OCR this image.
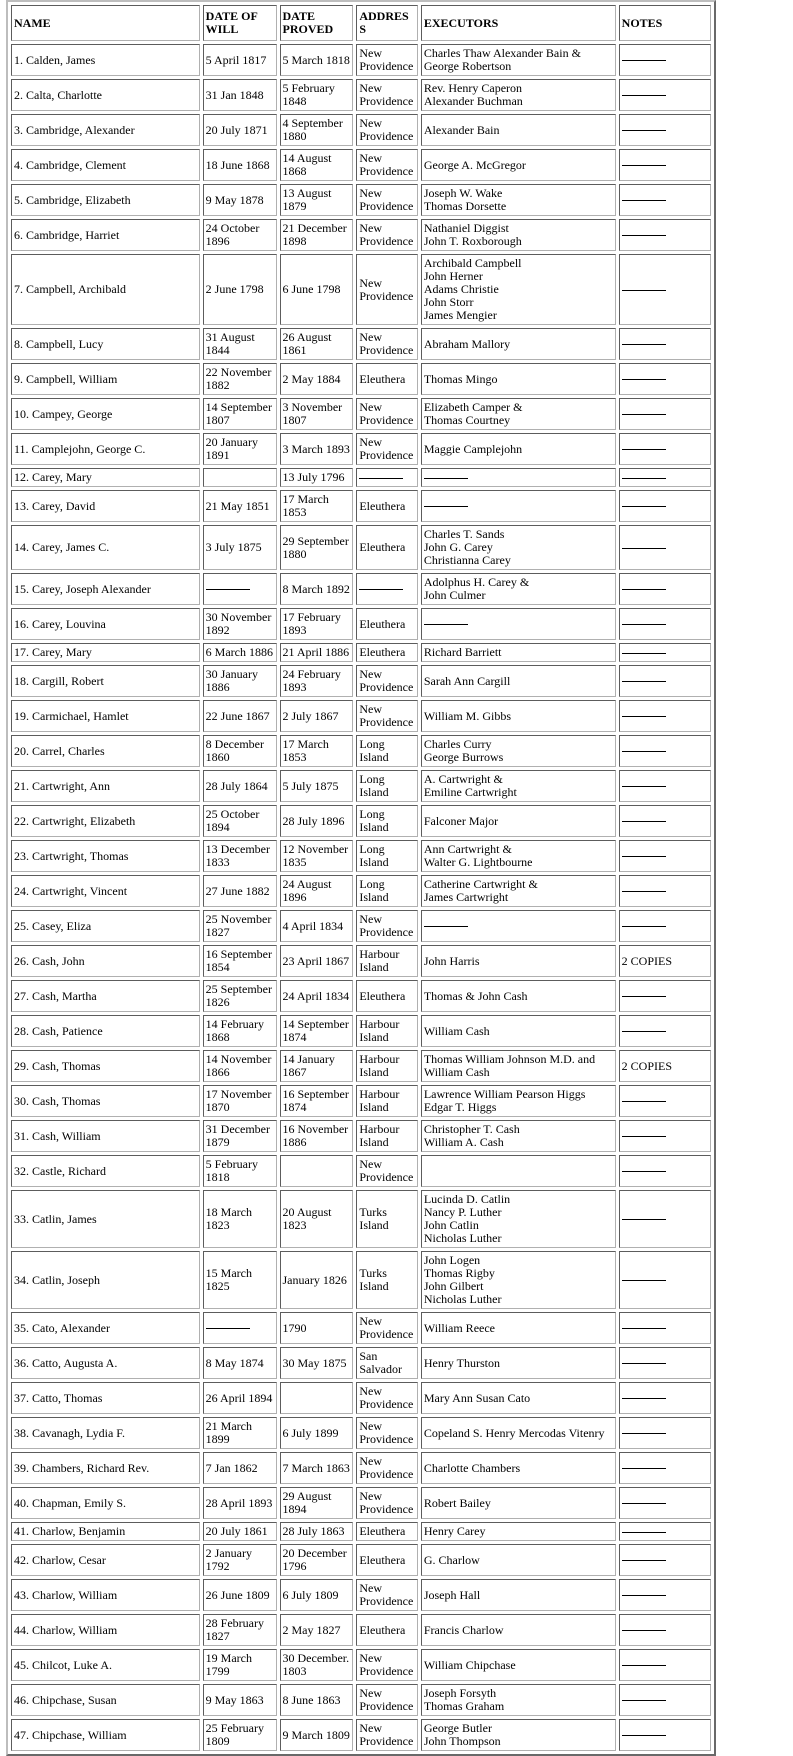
NAME	DATE OF WILL	DATE PROVED	ADDRESS	EXECUTORS	NOTES
1. Calden, James	5 April 1817	5 March 1818	New Providence	Charles Thaw Alexander Bain & George Robertson	

2. Calta, Charlotte	31 Jan 1848	5 February 1848	New Providence	Rev. Henry Caperon
Alexander Buchman	

3. Cambridge, Alexander	20 July 1871	4 September 1880	New Providence	Alexander Bain	

4. Cambridge, Clement	18 June 1868	14 August 1868	New Providence	George A. McGregor	

5. Cambridge, Elizabeth	9 May 1878	13 August 1879	New Providence	Joseph W. Wake
Thomas Dorsette	

6. Cambridge, Harriet	24 October 1896	21 December 1898	New Providence	Nathaniel Diggist
John T. Roxborough	

7. Campbell, Archibald	2 June 1798	6 June 1798	New Providence	Archibald Campbell
John Herner
Adams Christie
John Storr
James Mengier	

8. Campbell, Lucy	31 August 1844	26 August 1861	New Providence	Abraham Mallory	

9. Campbell, William	22 November 1882	2 May 1884	Eleuthera	Thomas Mingo	

10. Campey, George	14 September 1807	3 November 1807	New Providence	Elizabeth Camper &
Thomas Courtney	

11. Camplejohn, George C.	20 January 1891	3 March 1893	New Providence	Maggie Camplejohn	

12. Carey, Mary		13 July 1796			
13. Carey, David	21 May 1851	17 March 1853	Eleuthera		
14. Carey, James C.	3 July 1875	29 September 1880	Eleuthera	Charles T. Sands
John G. Carey
Christianna Carey	

15. Carey, Joseph Alexander		8 March 1892		Adolphus H. Carey &
John Culmer	

16. Carey, Louvina	30 November 1892	17 February 1893	Eleuthera		
17. Carey, Mary	6 March 1886	21 April 1886	Eleuthera	Richard Barriett	

18. Cargill, Robert	30 January 1886	24 February 1893	New Providence	Sarah Ann Cargill	

19. Carmichael, Hamlet	22 June 1867	2 July 1867	New Providence	William M. Gibbs	

20. Carrel, Charles	8 December 1860	17 March 1853	Long Island	Charles Curry
George Burrows	

21. Cartwright, Ann	28 July 1864	5 July 1875	Long Island	A. Cartwright &
Emiline Cartwright	

22. Cartwright, Elizabeth	25 October 1894	28 July 1896	Long Island	Falconer Major	

23. Cartwright, Thomas	13 December 1833	12 November 1835	Long Island	Ann Cartwright &
Walter G. Lightbourne	

24. Cartwright, Vincent	27 June 1882	24 August 1896	Long Island	Catherine Cartwright &
James Cartwright	

25. Casey, Eliza	25 November 1827	4 April 1834	New Providence		
26. Cash, John	16 September 1854	23 April 1867	Harbour Island	John Harris	2 COPIES
27. Cash, Martha	25 September 1826	24 April 1834	Eleuthera	Thomas & John Cash	

28. Cash, Patience	14 February 1868	14 September 1874	Harbour Island	William Cash	

29. Cash, Thomas	14 November 1866	14 January 1867	Harbour Island	Thomas William Johnson M.D. and William Cash	2 COPIES
30. Cash, Thomas	17 November 1870	16 September 1874	Harbour Island	Lawrence William Pearson Higgs Edgar T. Higgs	

31. Cash, William	31 December 1879	16 November 1886	Harbour Island	Christopher T. Cash
William A. Cash	

32. Castle, Richard	5 February 1818		New Providence		
33. Catlin, James	18 March 1823	20 August 1823	Turks Island	Lucinda D. Catlin
Nancy P. Luther
John Catlin
Nicholas Luther	

34. Catlin, Joseph	15 March 1825	January 1826	Turks Island	John Logen
Thomas Rigby
John Gilbert
Nicholas Luther	

35. Cato, Alexander		1790	New Providence	William Reece	

36. Catto, Augusta A.	8 May 1874	30 May 1875	San Salvador	Henry Thurston	

37. Catto, Thomas	26 April 1894		New Providence	Mary Ann Susan Cato	

38. Cavanagh, Lydia F.	21 March 1899	6 July 1899	New Providence	Copeland S. Henry Mercodas Vitenry	

39. Chambers, Richard Rev.	7 Jan 1862	7 March 1863	New Providence	Charlotte Chambers	

40. Chapman, Emily S.	28 April 1893	29 August 1894	New Providence	Robert Bailey	

41. Charlow, Benjamin	20 July 1861	28 July 1863	Eleuthera	Henry Carey	

42. Charlow, Cesar	2 January 1792	20 December 1796	Eleuthera	G. Charlow	

43. Charlow, William	26 June 1809	6 July 1809	New Providence	Joseph Hall	

44. Charlow, William	28 February 1827	2 May 1827	Eleuthera	Francis Charlow	

45. Chilcot, Luke A.	19 March 1799	30 December. 1803	New Providence	William Chipchase	

46. Chipchase, Susan	9 May 1863	8 June 1863	New Providence	Joseph Forsyth
Thomas Graham	

47. Chipchase, William	25 February 1809	9 March 1809	New Providence	George Butler
John Thompson	
